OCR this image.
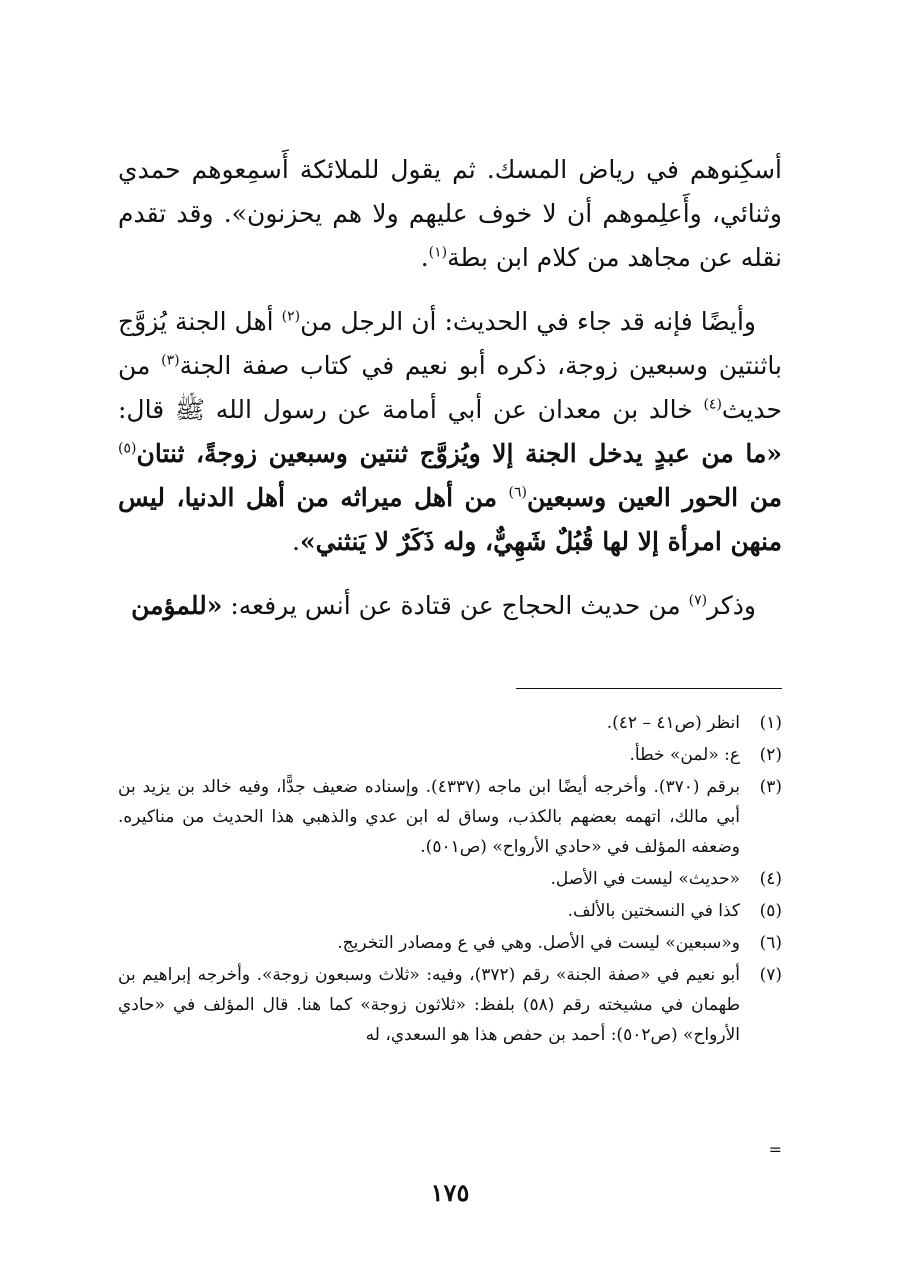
أسكِنوهم في رياض المسك. ثم يقول للملائكة أَسمِعوهم حمدي وثنائي، وأَعلِموهم أن لا خوف عليهم ولا هم يحزنون». وقد تقدم نقله عن مجاهد من كلام ابن بطة$^{(١)}$.

وأيضًا فإنه قد جاء في الحديث: أن الرجل من$^{(٢)}$ أهل الجنة يُزوَّج باثنتين وسبعين زوجة، ذكره أبو نعيم في كتاب صفة الجنة$^{(٣)}$ من حديث$^{(٤)}$ خالد بن معدان عن أبي أمامة عن رسول الله ﷺ قال: «ما من عبدٍ يدخل الجنة إلا ويُزوَّج ثنتين وسبعين زوجةً، ثنتان$^{(٥)}$ من الحور العين وسبعين$^{(٦)}$ من أهل ميراثه من أهل الدنيا، ليس منهن امرأة إلا لها قُبُلٌ شَهِيٌّ، وله ذَكَرٌ لا يَنثني».

وذكر$^{(٧)}$ من حديث الحجاج عن قتادة عن أنس يرفعه: «للمؤمن

(١)
انظر (ص٤١ – ٤٢).
(٢)
ع: «لمن» خطأ.
(٣)
برقم (٣٧٠). وأخرجه أيضًا ابن ماجه (٤٣٣٧). وإسناده ضعيف جدًّا، وفيه خالد بن يزيد بن أبي مالك، اتهمه بعضهم بالكذب، وساق له ابن عدي والذهبي هذا الحديث من مناكيره. وضعفه المؤلف في «حادي الأرواح» (ص٥٠١).
(٤)
«حديث» ليست في الأصل.
(٥)
كذا في النسختين بالألف.
(٦)
و«سبعين» ليست في الأصل. وهي في ع ومصادر التخريج.
(٧)
أبو نعيم في «صفة الجنة» رقم (٣٧٢)، وفيه: «ثلاث وسبعون زوجة». وأخرجه إبراهيم بن طهمان في مشيخته رقم (٥٨) بلفظ: «ثلاثون زوجة» كما هنا. قال المؤلف في «حادي الأرواح» (ص٥٠٢): أحمد بن حفص هذا هو السعدي، له
=
١٧٥
